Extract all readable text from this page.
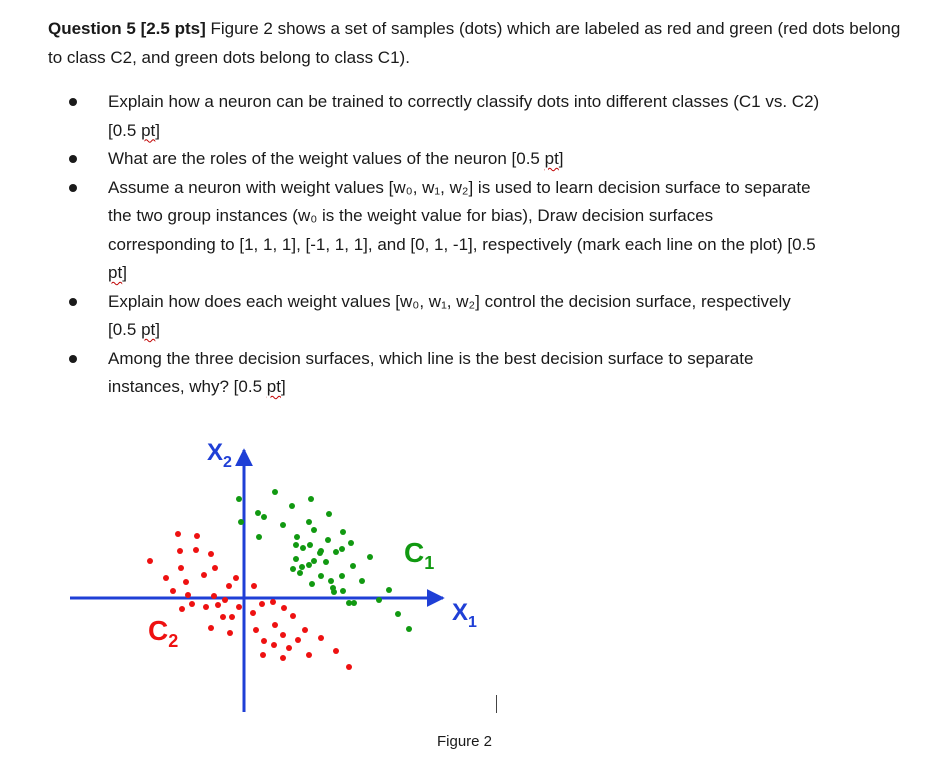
Question 5 [2.5 pts] Figure 2 shows a set of samples (dots) which are labeled as red and green (red dots belong to class C2, and green dots belong to class C1).
Explain how a neuron can be trained to correctly classify dots into different classes (C1 vs. C2) [0.5 pt]
What are the roles of the weight values of the neuron [0.5 pt]
Assume a neuron with weight values [w₀, w₁, w₂] is used to learn decision surface to separate the two group instances (w₀ is the weight value for bias), Draw decision surfaces corresponding to [1, 1, 1], [-1, 1, 1], and [0, 1, -1], respectively (mark each line on the plot) [0.5 pt]
Explain how does each weight values [w₀, w₁, w₂] control the decision surface, respectively [0.5 pt]
Among the three decision surfaces, which line is the best decision surface to separate instances, why? [0.5 pt]
$X_2$
$X_1$
$C_1$
$C_2$
Figure 2
